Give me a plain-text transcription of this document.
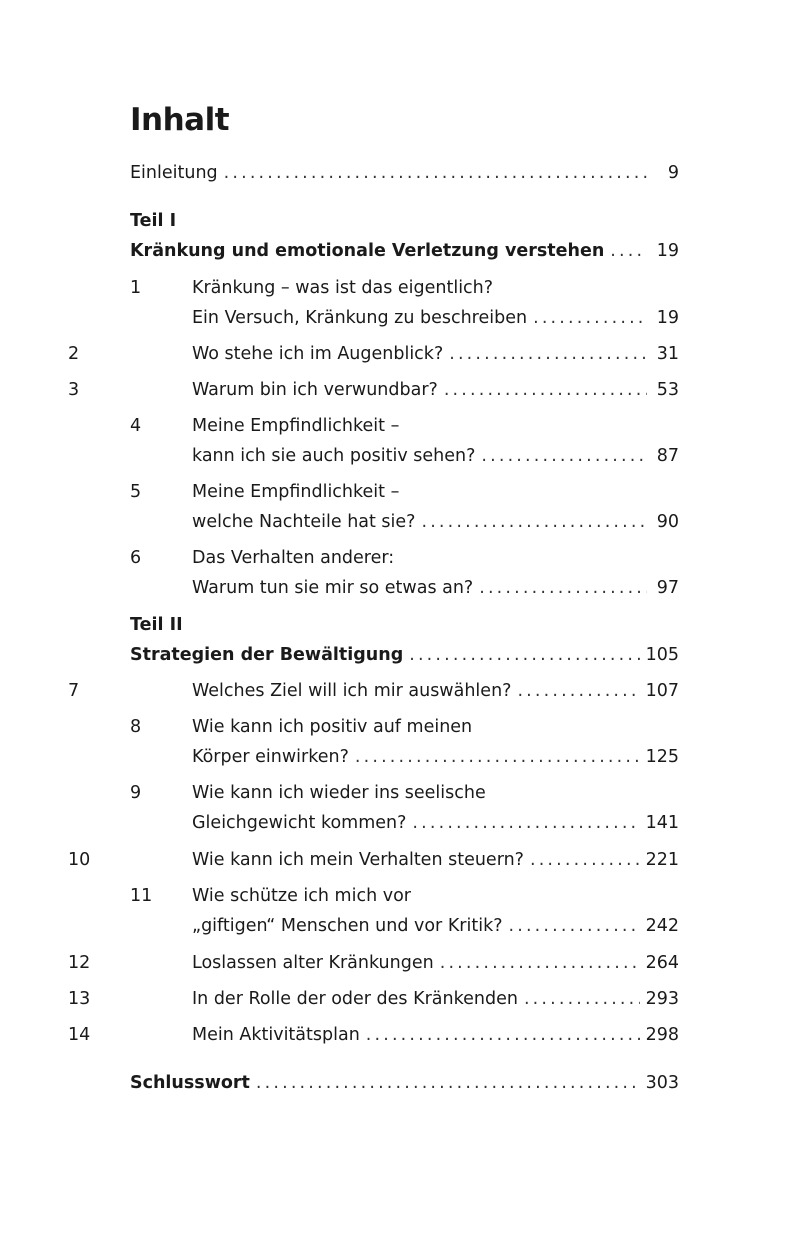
Inhalt
Einleitung . . .	9
Teil I
Kränkung und emotionale Verletzung verstehen . . .	19
1	Kränkung – was ist das eigentlich?
Ein Versuch, Kränkung zu beschreiben . . .	19
2	Wo stehe ich im Augenblick? . . .	31
3	Warum bin ich verwundbar? . . .	53
4	Meine Empfindlichkeit –
kann ich sie auch positiv sehen? . . .	87
5	Meine Empfindlichkeit –
welche Nachteile hat sie? . . .	90
6	Das Verhalten anderer:
Warum tun sie mir so etwas an? . . .	97
Teil II
Strategien der Bewältigung . . .	105
7	Welches Ziel will ich mir auswählen? . . .	107
8	Wie kann ich positiv auf meinen
Körper einwirken? . . .	125
9	Wie kann ich wieder ins seelische
Gleichgewicht kommen? . . .	141
10	Wie kann ich mein Verhalten steuern? . . .	221
11 Wie schütze ich mich vor
„giftigen“ Menschen und vor Kritik? . . .	242
12	Loslassen alter Kränkungen . . .	264
13	In der Rolle der oder des Kränkenden . . .	293
14	Mein Aktivitätsplan . . .	298
Schlusswort . . .	303
